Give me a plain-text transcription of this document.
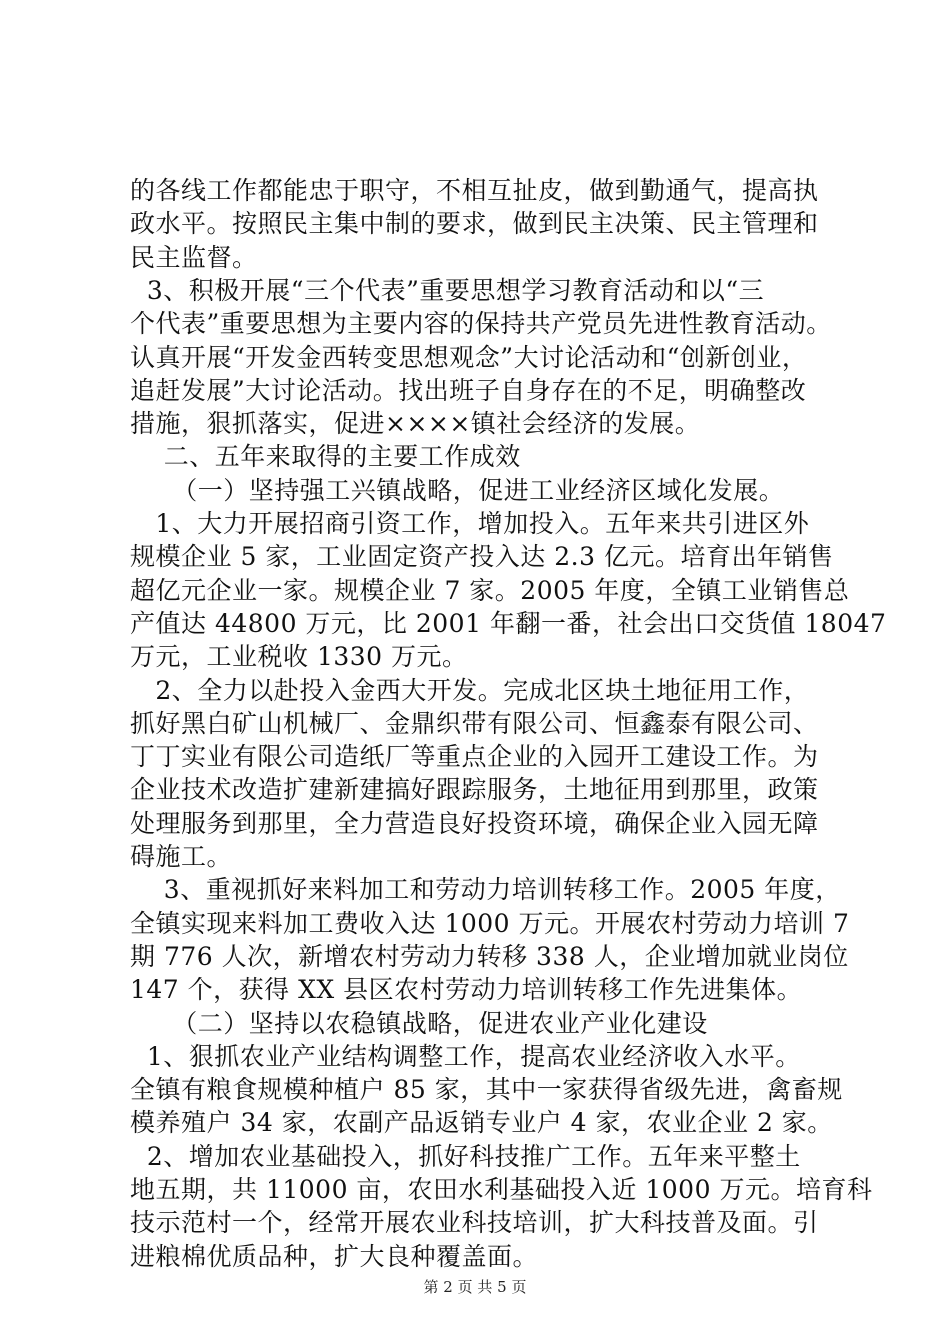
的各线工作都能忠于职守，不相互扯皮，做到勤通气，提高执
政水平。按照民主集中制的要求，做到民主决策、民主管理和
民主监督。
3、积极开展“三个代表”重要思想学习教育活动和以“三
个代表”重要思想为主要内容的保持共产党员先进性教育活动。
认真开展“开发金西转变思想观念”大讨论活动和“创新创业，
追赶发展”大讨论活动。找出班子自身存在的不足，明确整改
措施，狠抓落实，促进××××镇社会经济的发展。
二、五年来取得的主要工作成效
（一）坚持强工兴镇战略，促进工业经济区域化发展。
1、大力开展招商引资工作，增加投入。五年来共引进区外
规模企业 5 家，工业固定资产投入达 2.3 亿元。培育出年销售
超亿元企业一家。规模企业 7 家。2005 年度，全镇工业销售总
产值达 44800 万元，比 2001 年翻一番，社会出口交货值 18047
万元，工业税收 1330 万元。
2、全力以赴投入金西大开发。完成北区块土地征用工作，
抓好黑白矿山机械厂、金鼎织带有限公司、恒鑫泰有限公司、
丁丁实业有限公司造纸厂等重点企业的入园开工建设工作。为
企业技术改造扩建新建搞好跟踪服务，土地征用到那里，政策
处理服务到那里，全力营造良好投资环境，确保企业入园无障
碍施工。
3、重视抓好来料加工和劳动力培训转移工作。2005 年度，
全镇实现来料加工费收入达 1000 万元。开展农村劳动力培训 7
期 776 人次，新增农村劳动力转移 338 人，企业增加就业岗位
147 个，获得 XX 县区农村劳动力培训转移工作先进集体。
（二）坚持以农稳镇战略，促进农业产业化建设
1、狠抓农业产业结构调整工作，提高农业经济收入水平。
全镇有粮食规模种植户 85 家，其中一家获得省级先进，禽畜规
模养殖户 34 家，农副产品返销专业户 4 家，农业企业 2 家。
2、增加农业基础投入，抓好科技推广工作。五年来平整土
地五期，共 11000 亩，农田水利基础投入近 1000 万元。培育科
技示范村一个，经常开展农业科技培训，扩大科技普及面。引
进粮棉优质品种，扩大良种覆盖面。
第 2 页 共 5 页
